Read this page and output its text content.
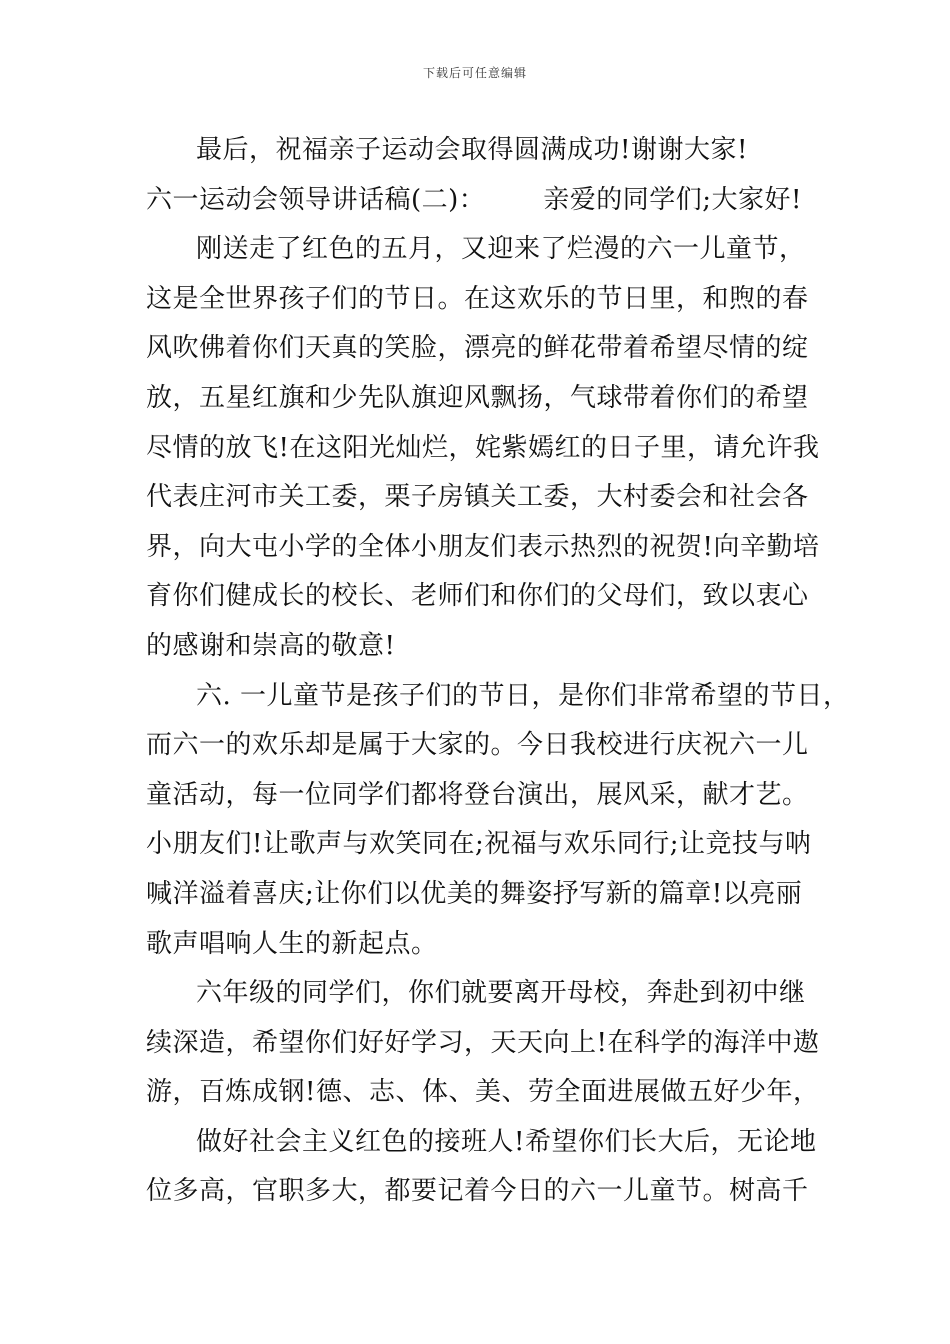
下载后可任意编辑
最后，祝福亲子运动会取得圆满成功!谢谢大家!
六一运动会领导讲话稿(二)： 亲爱的同学们;大家好!
刚送走了红色的五月，又迎来了烂漫的六一儿童节，
这是全世界孩子们的节日。在这欢乐的节日里，和煦的春
风吹佛着你们天真的笑脸，漂亮的鲜花带着希望尽情的绽
放，五星红旗和少先队旗迎风飘扬，气球带着你们的希望
尽情的放飞!在这阳光灿烂，姹紫嫣红的日子里，请允许我
代表庄河市关工委，栗子房镇关工委，大村委会和社会各
界，向大屯小学的全体小朋友们表示热烈的祝贺!向辛勤培
育你们健成长的校长、老师们和你们的父母们，致以衷心
的感谢和崇高的敬意!
六. 一儿童节是孩子们的节日，是你们非常希望的节日，
而六一的欢乐却是属于大家的。今日我校进行庆祝六一儿
童活动，每一位同学们都将登台演出，展风采，献才艺。
小朋友们!让歌声与欢笑同在;祝福与欢乐同行;让竞技与呐
喊洋溢着喜庆;让你们以优美的舞姿抒写新的篇章!以亮丽
歌声唱响人生的新起点。
六年级的同学们，你们就要离开母校，奔赴到初中继
续深造，希望你们好好学习，天天向上!在科学的海洋中遨
游，百炼成钢!德、志、体、美、劳全面进展做五好少年，
做好社会主义红色的接班人!希望你们长大后，无论地
位多高，官职多大，都要记着今日的六一儿童节。树高千
